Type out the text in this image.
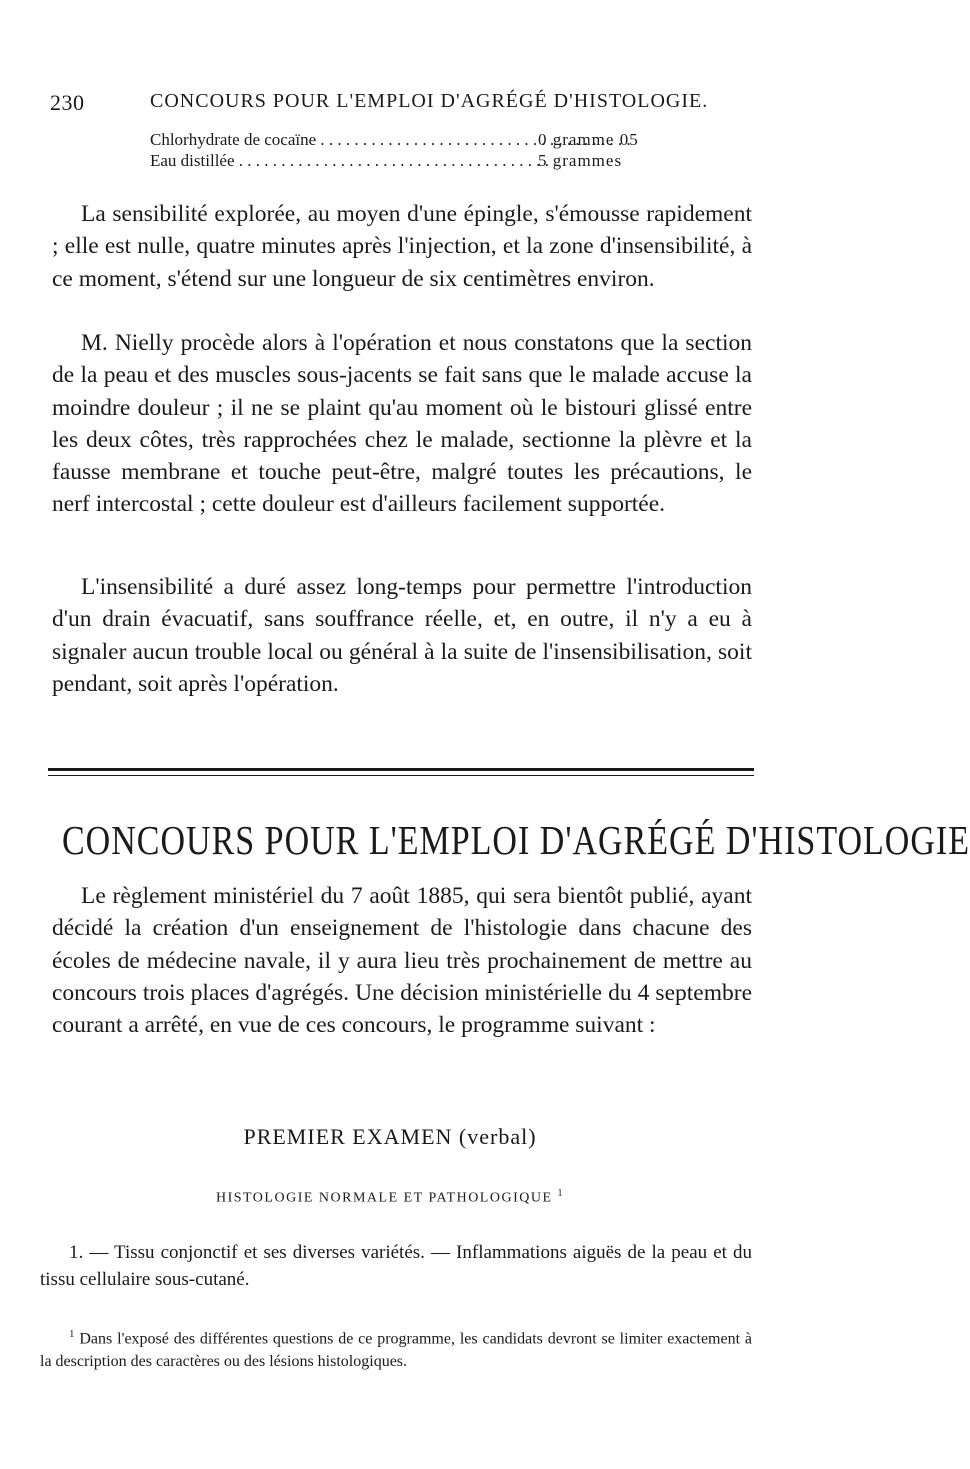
230	CONCOURS POUR L'EMPLOI D'AGRÉGÉ D'HISTOLOGIE.
Chlorhydrate de cocaïne . . .	0 gramme 05
Eau distillée . . .	5 grammes

La sensibilité explorée, au moyen d'une épingle, s'émousse rapidement ; elle est nulle, quatre minutes après l'injection, et la zone d'insensibilité, à ce moment, s'étend sur une longueur de six centimètres environ.

M. Nielly procède alors à l'opération et nous constatons que la section de la peau et des muscles sous-jacents se fait sans que le malade accuse la moindre douleur ; il ne se plaint qu'au moment où le bistouri glissé entre les deux côtes, très rapprochées chez le malade, sectionne la plèvre et la fausse membrane et touche peut-être, malgré toutes les précautions, le nerf intercostal ; cette douleur est d'ailleurs facilement supportée.

L'insensibilité a duré assez long-temps pour permettre l'introduction d'un drain évacuatif, sans souffrance réelle, et, en outre, il n'y a eu à signaler aucun trouble local ou général à la suite de l'insensibilisation, soit pendant, soit après l'opération.

CONCOURS POUR L'EMPLOI D'AGRÉGÉ D'HISTOLOGIE

Le règlement ministériel du 7 août 1885, qui sera bientôt publié, ayant décidé la création d'un enseignement de l'histologie dans chacune des écoles de médecine navale, il y aura lieu très prochainement de mettre au concours trois places d'agrégés. Une décision ministérielle du 4 septembre courant a arrêté, en vue de ces concours, le programme suivant :

PREMIER EXAMEN (verbal)
HISTOLOGIE NORMALE ET PATHOLOGIQUE $^1$

1. — Tissu conjonctif et ses diverses variétés. — Inflammations aiguës de la peau et du tissu cellulaire sous-cutané.

$^1$ Dans l'exposé des différentes questions de ce programme, les candidats devront se limiter exactement à la description des caractères ou des lésions histologiques.
